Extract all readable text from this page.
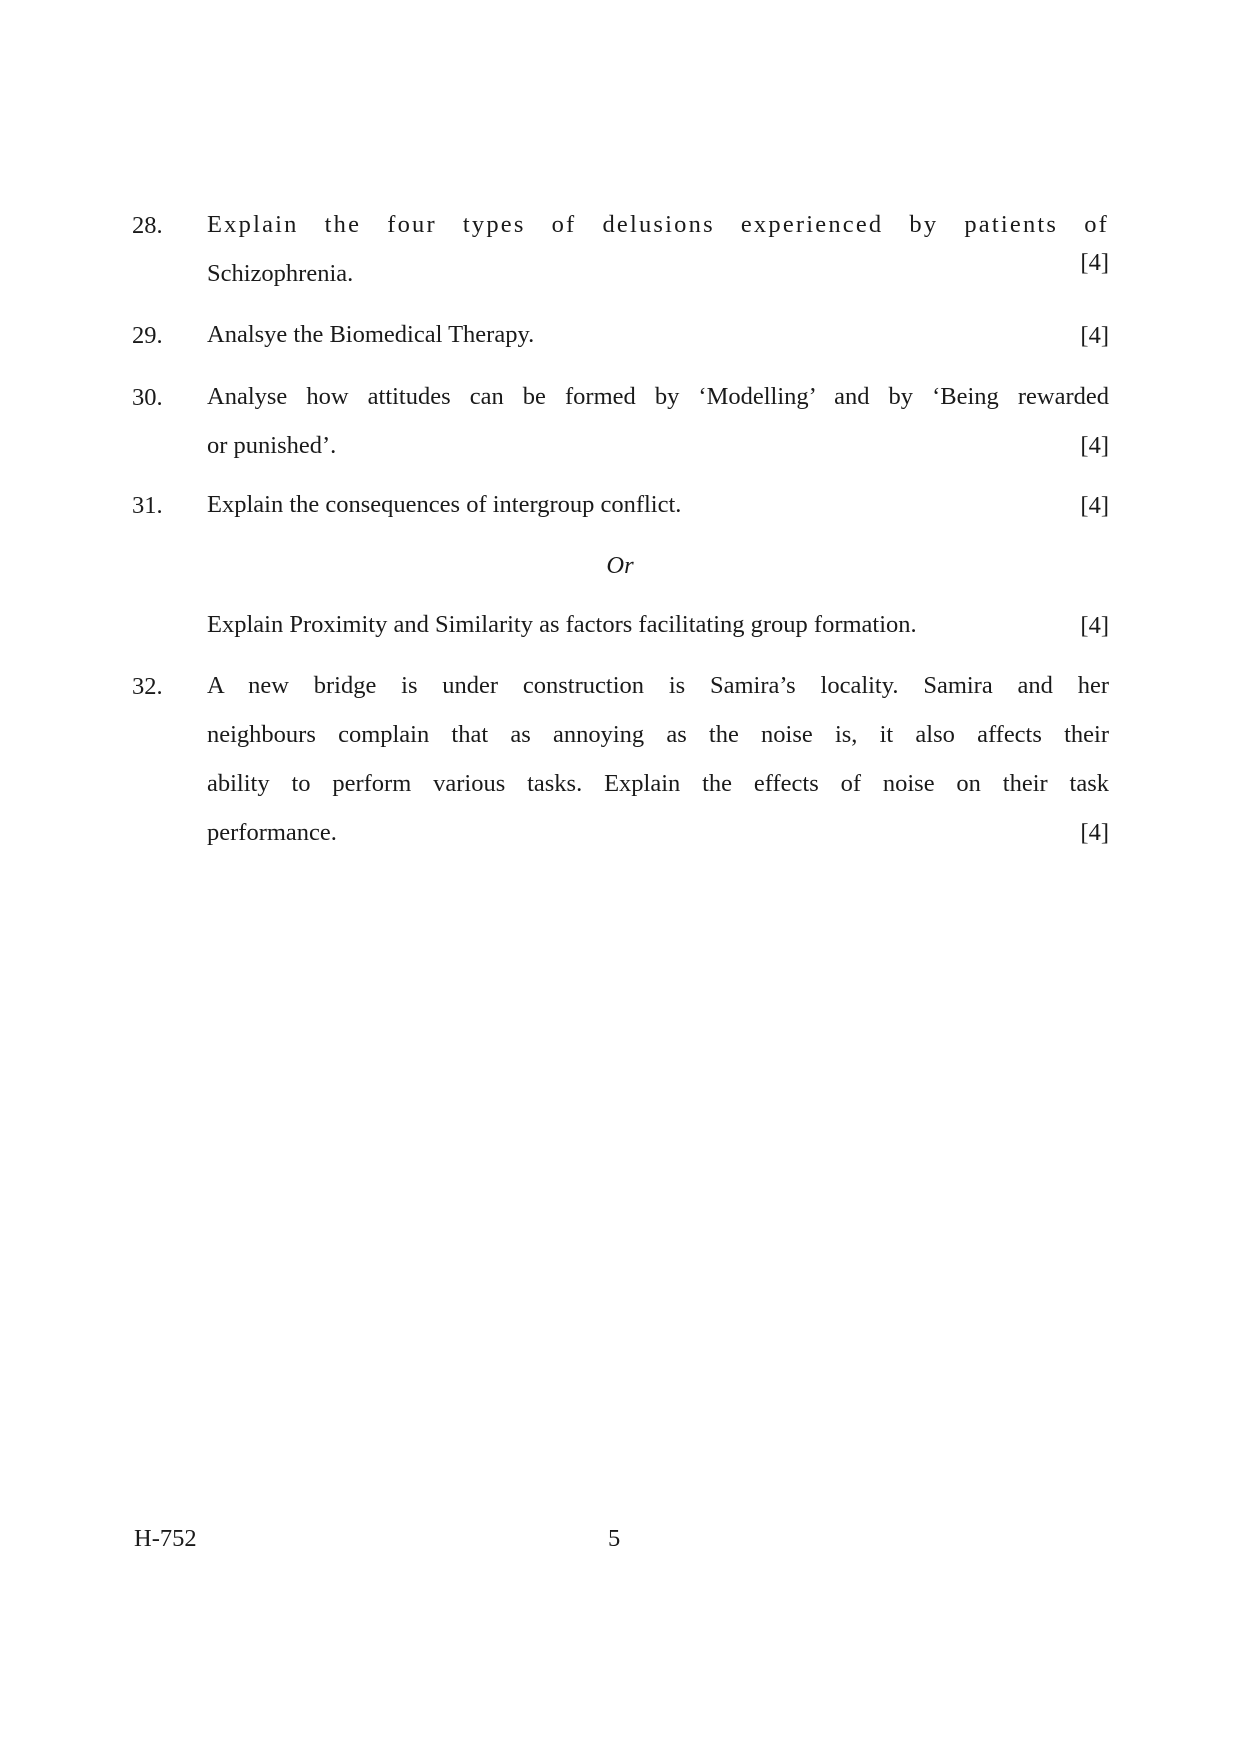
28. Explain the four types of delusions experienced by patients of
Schizophrenia.	[4]
29. Analsye the Biomedical Therapy.	[4]
30. Analyse how attitudes can be formed by ‘Modelling’ and by ‘Being rewarded
or punished’.	[4]
31. Explain the consequences of intergroup conflict.	[4]
Or
Explain Proximity and Similarity as factors facilitating group formation.	[4]
32. A new bridge is under construction is Samira’s locality. Samira and her
neighbours complain that as annoying as the noise is, it also affects their
ability to perform various tasks. Explain the effects of noise on their task
performance.	[4]
H-752	5
